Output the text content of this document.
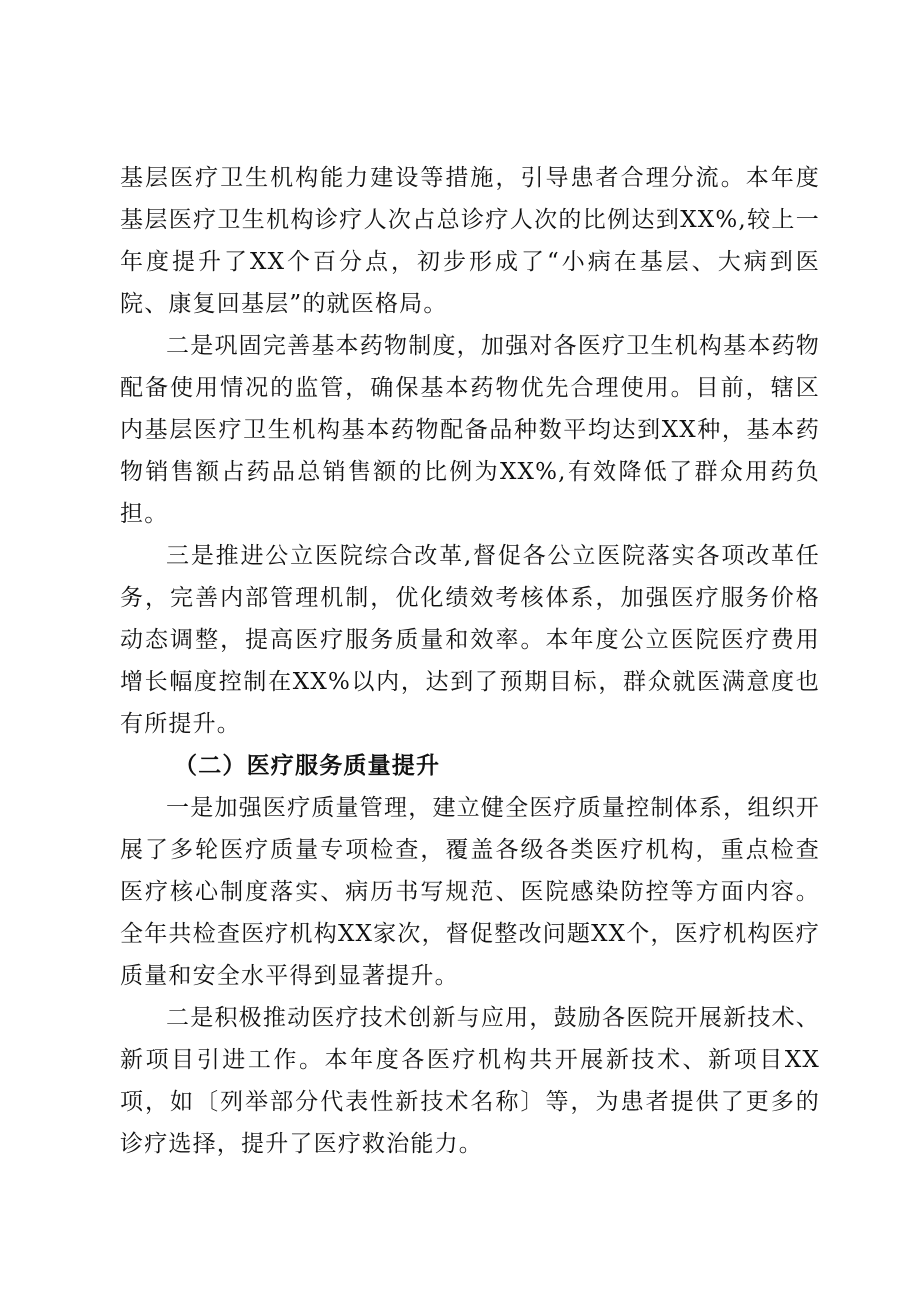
基层医疗卫生机构能力建设等措施，引导患者合理分流。本年度基层医疗卫生机构诊疗人次占总诊疗人次的比例达到XX%,较上一年度提升了XX个百分点，初步形成了“小病在基层、大病到医院、康复回基层”的就医格局。

二是巩固完善基本药物制度，加强对各医疗卫生机构基本药物配备使用情况的监管，确保基本药物优先合理使用。目前，辖区内基层医疗卫生机构基本药物配备品种数平均达到XX种，基本药物销售额占药品总销售额的比例为XX%,有效降低了群众用药负担。

三是推进公立医院综合改革,督促各公立医院落实各项改革任务，完善内部管理机制，优化绩效考核体系，加强医疗服务价格动态调整，提高医疗服务质量和效率。本年度公立医院医疗费用增长幅度控制在XX%以内，达到了预期目标，群众就医满意度也有所提升。

（二）医疗服务质量提升

一是加强医疗质量管理，建立健全医疗质量控制体系，组织开展了多轮医疗质量专项检查，覆盖各级各类医疗机构，重点检查医疗核心制度落实、病历书写规范、医院感染防控等方面内容。全年共检查医疗机构XX家次，督促整改问题XX个，医疗机构医疗质量和安全水平得到显著提升。

二是积极推动医疗技术创新与应用，鼓励各医院开展新技术、新项目引进工作。本年度各医疗机构共开展新技术、新项目XX项，如〔列举部分代表性新技术名称〕等，为患者提供了更多的诊疗选择，提升了医疗救治能力。
